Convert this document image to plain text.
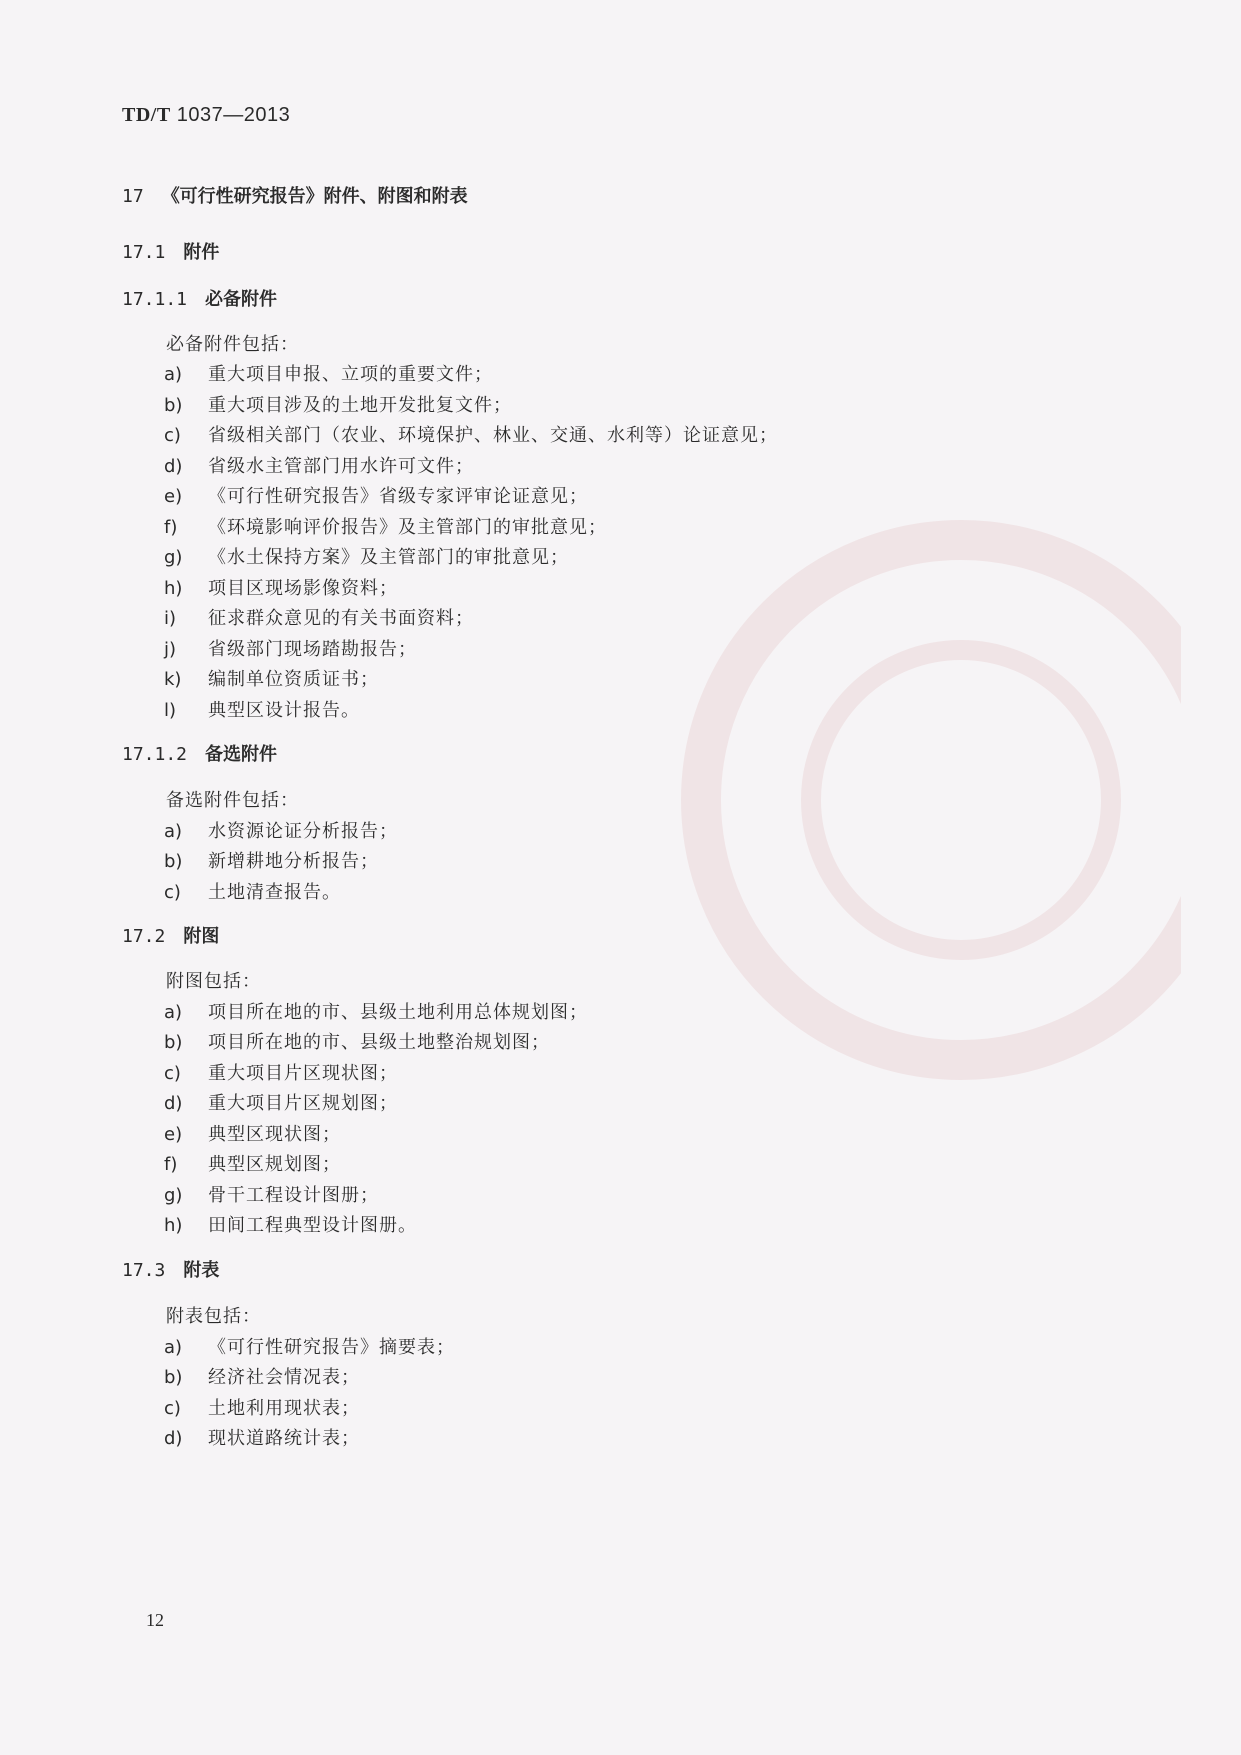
TD/T 1037—2013
17 《可行性研究报告》附件、附图和附表
17.1 附件
17.1.1 必备附件
必备附件包括：
a) 重大项目申报、立项的重要文件；
b) 重大项目涉及的土地开发批复文件；
c) 省级相关部门（农业、环境保护、林业、交通、水利等）论证意见；
d) 省级水主管部门用水许可文件；
e) 《可行性研究报告》省级专家评审论证意见；
f) 《环境影响评价报告》及主管部门的审批意见；
g) 《水土保持方案》及主管部门的审批意见；
h) 项目区现场影像资料；
i) 征求群众意见的有关书面资料；
j) 省级部门现场踏勘报告；
k) 编制单位资质证书；
l) 典型区设计报告。
17.1.2 备选附件
备选附件包括：
a) 水资源论证分析报告；
b) 新增耕地分析报告；
c) 土地清查报告。
17.2 附图
附图包括：
a) 项目所在地的市、县级土地利用总体规划图；
b) 项目所在地的市、县级土地整治规划图；
c) 重大项目片区现状图；
d) 重大项目片区规划图；
e) 典型区现状图；
f) 典型区规划图；
g) 骨干工程设计图册；
h) 田间工程典型设计图册。
17.3 附表
附表包括：
a) 《可行性研究报告》摘要表；
b) 经济社会情况表；
c) 土地利用现状表；
d) 现状道路统计表；
12
